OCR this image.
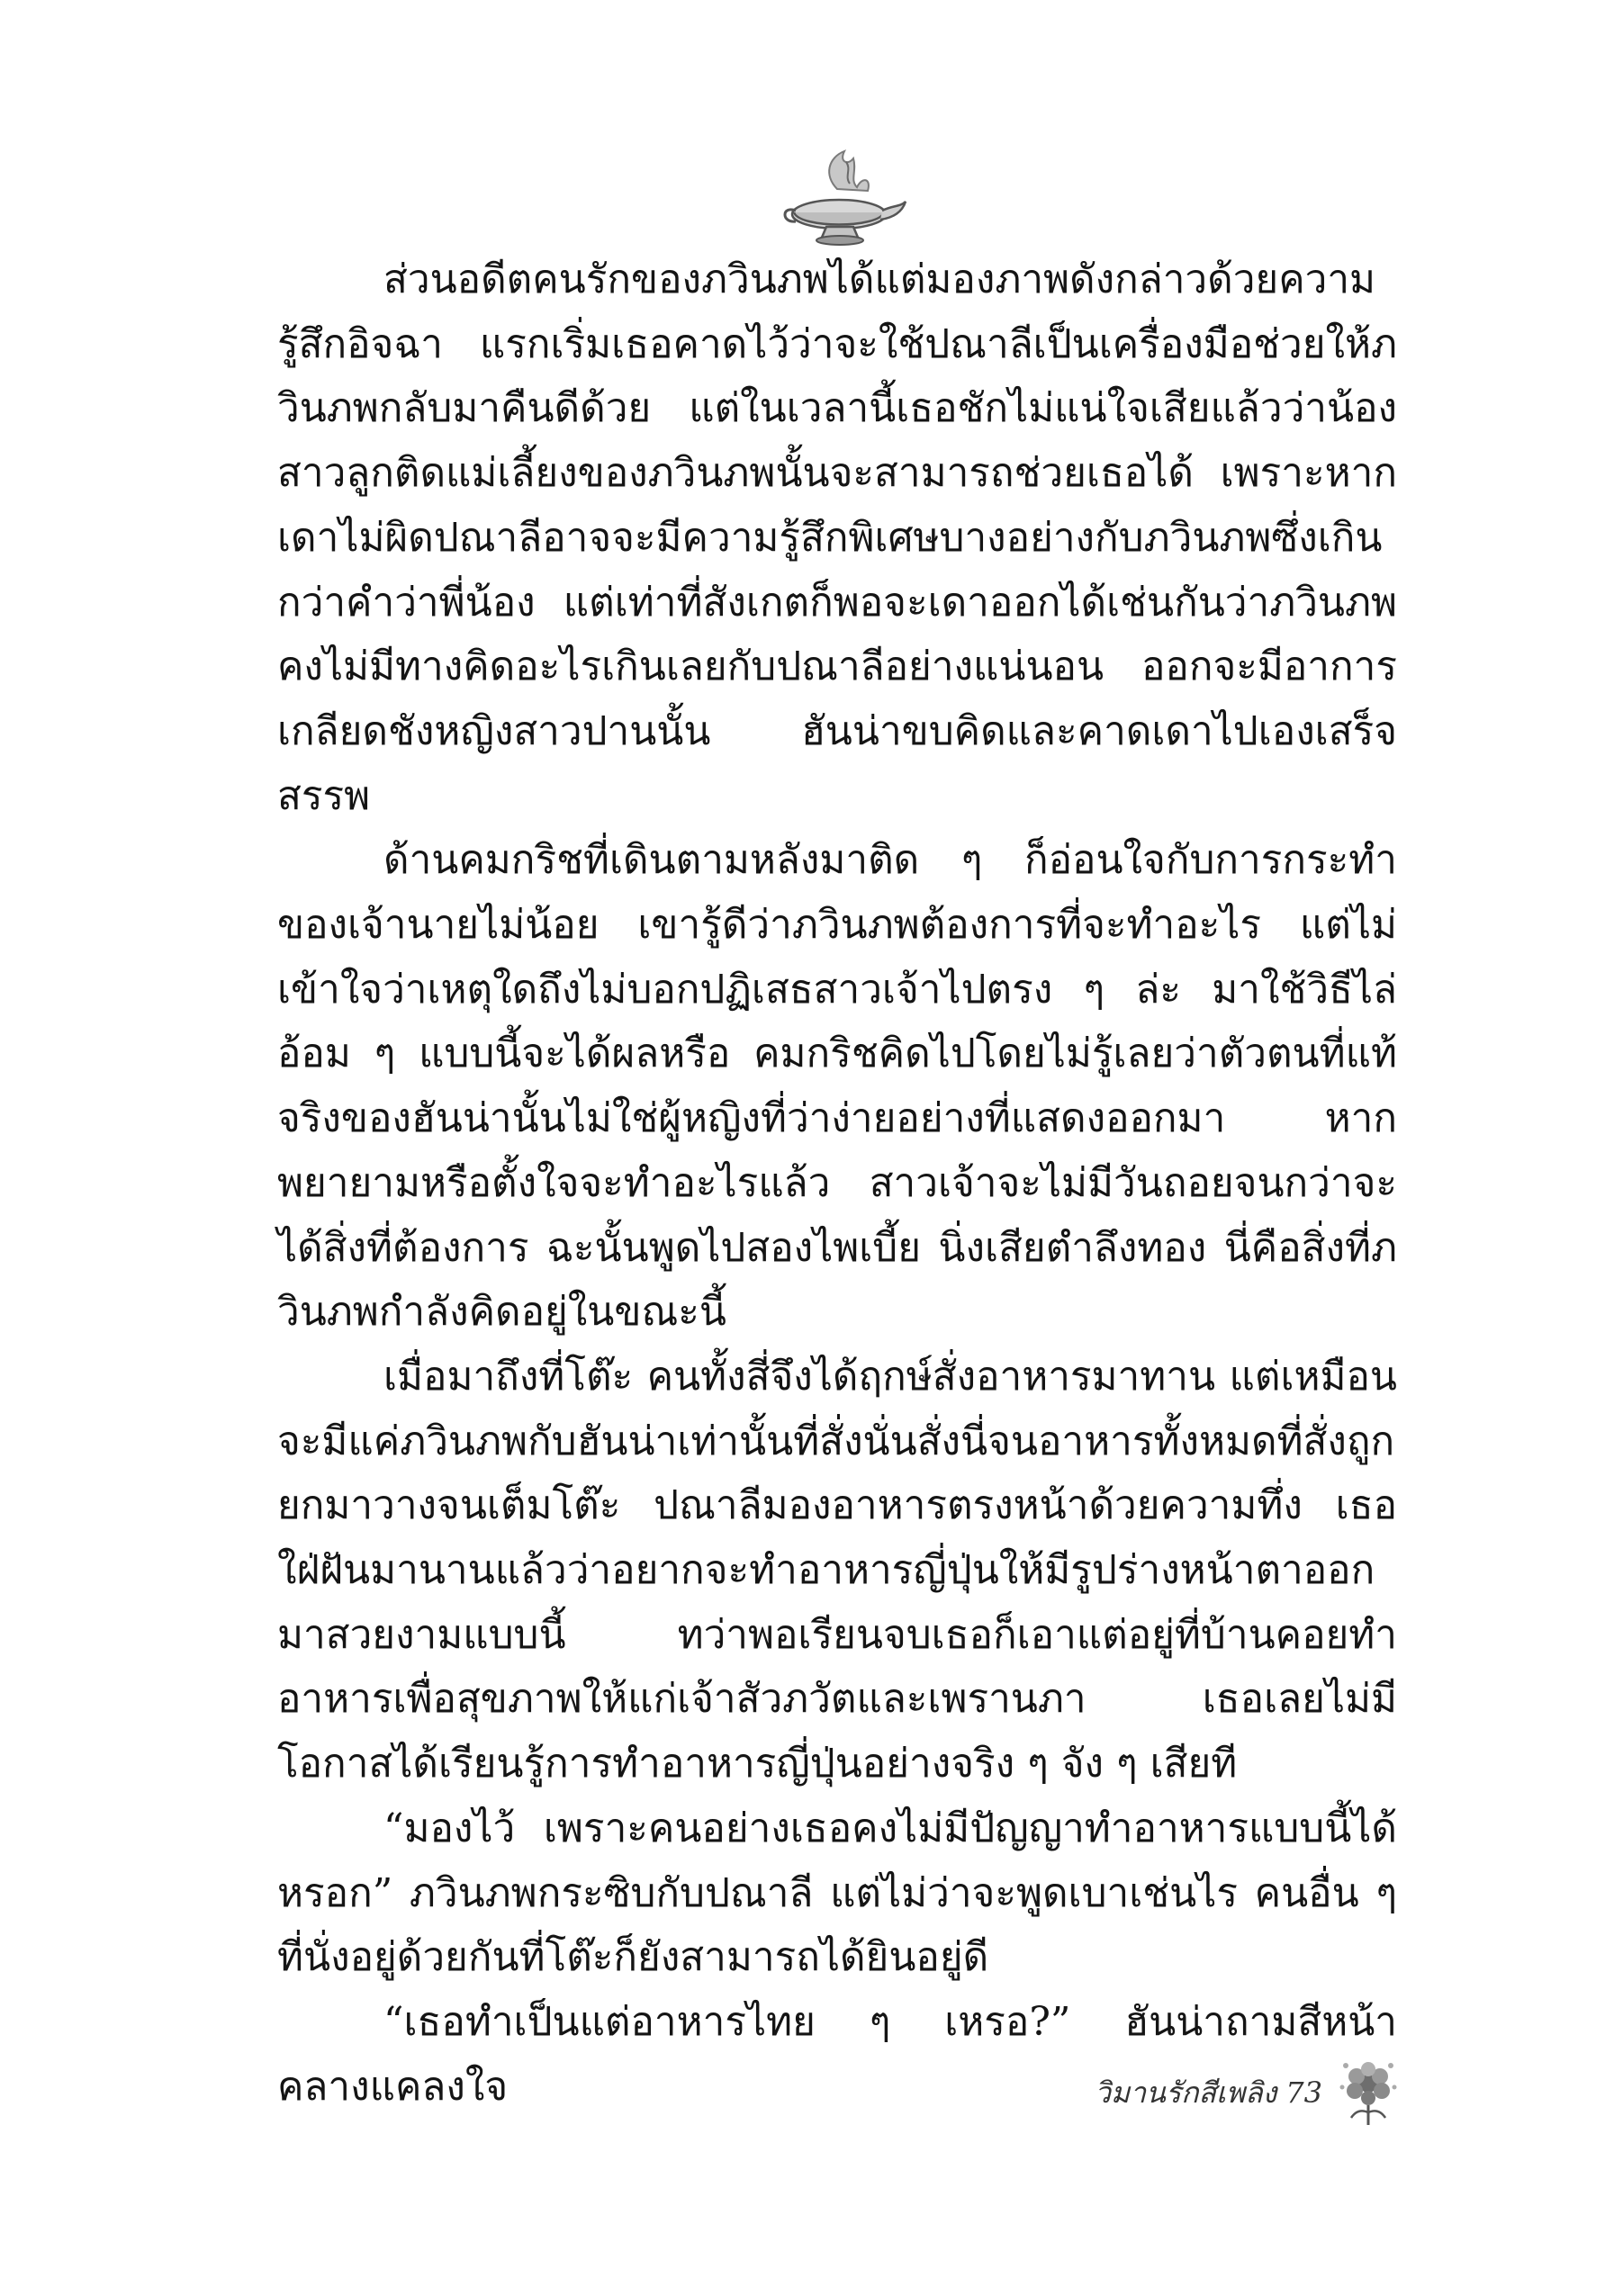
ส่วนอดีตคนรักของภวินภพได้แต่มองภาพดังกล่าวด้วยความรู้สึกอิจฉา แรกเริ่มเธอคาดไว้ว่าจะใช้ปณาลีเป็นเครื่องมือช่วยให้ภวินภพกลับมาคืนดีด้วย แต่ในเวลานี้เธอชักไม่แน่ใจเสียแล้วว่าน้องสาวลูกติดแม่เลี้ยงของภวินภพนั้นจะสามารถช่วยเธอได้ เพราะหากเดาไม่ผิดปณาลีอาจจะมีความรู้สึกพิเศษบางอย่างกับภวินภพซึ่งเกินกว่าคำว่าพี่น้อง แต่เท่าที่สังเกตก็พอจะเดาออกได้เช่นกันว่าภวินภพคงไม่มีทางคิดอะไรเกินเลยกับปณาลีอย่างแน่นอน ออกจะมีอาการเกลียดชังหญิงสาวปานนั้น ฮันน่าขบคิดและคาดเดาไปเองเสร็จสรรพ

ด้านคมกริชที่เดินตามหลังมาติด ๆ ก็อ่อนใจกับการกระทำของเจ้านายไม่น้อย เขารู้ดีว่าภวินภพต้องการที่จะทำอะไร แต่ไม่เข้าใจว่าเหตุใดถึงไม่บอกปฏิเสธสาวเจ้าไปตรง ๆ ล่ะ มาใช้วิธีไล่อ้อม ๆ แบบนี้จะได้ผลหรือ คมกริชคิดไปโดยไม่รู้เลยว่าตัวตนที่แท้จริงของฮันน่านั้นไม่ใช่ผู้หญิงที่ว่าง่ายอย่างที่แสดงออกมา หากพยายามหรือตั้งใจจะทำอะไรแล้ว สาวเจ้าจะไม่มีวันถอยจนกว่าจะได้สิ่งที่ต้องการ ฉะนั้นพูดไปสองไพเบี้ย นิ่งเสียตำลึงทอง นี่คือสิ่งที่ภวินภพกำลังคิดอยู่ในขณะนี้

เมื่อมาถึงที่โต๊ะ คนทั้งสี่จึงได้ฤกษ์สั่งอาหารมาทาน แต่เหมือนจะมีแค่ภวินภพกับฮันน่าเท่านั้นที่สั่งนั่นสั่งนี่จนอาหารทั้งหมดที่สั่งถูกยกมาวางจนเต็มโต๊ะ ปณาลีมองอาหารตรงหน้าด้วยความทึ่ง เธอใฝ่ฝันมานานแล้วว่าอยากจะทำอาหารญี่ปุ่นให้มีรูปร่างหน้าตาออกมาสวยงามแบบนี้ ทว่าพอเรียนจบเธอก็เอาแต่อยู่ที่บ้านคอยทำอาหารเพื่อสุขภาพให้แก่เจ้าสัวภวัตและเพรานภา เธอเลยไม่มีโอกาสได้เรียนรู้การทำอาหารญี่ปุ่นอย่างจริง ๆ จัง ๆ เสียที

“มองไว้ เพราะคนอย่างเธอคงไม่มีปัญญาทำอาหารแบบนี้ได้หรอก” ภวินภพกระซิบกับปณาลี แต่ไม่ว่าจะพูดเบาเช่นไร คนอื่น ๆ ที่นั่งอยู่ด้วยกันที่โต๊ะก็ยังสามารถได้ยินอยู่ดี

“เธอทำเป็นแต่อาหารไทย ๆ เหรอ?” ฮันน่าถามสีหน้าคลางแคลงใจ	วิมานรักสีเพลิง 73
